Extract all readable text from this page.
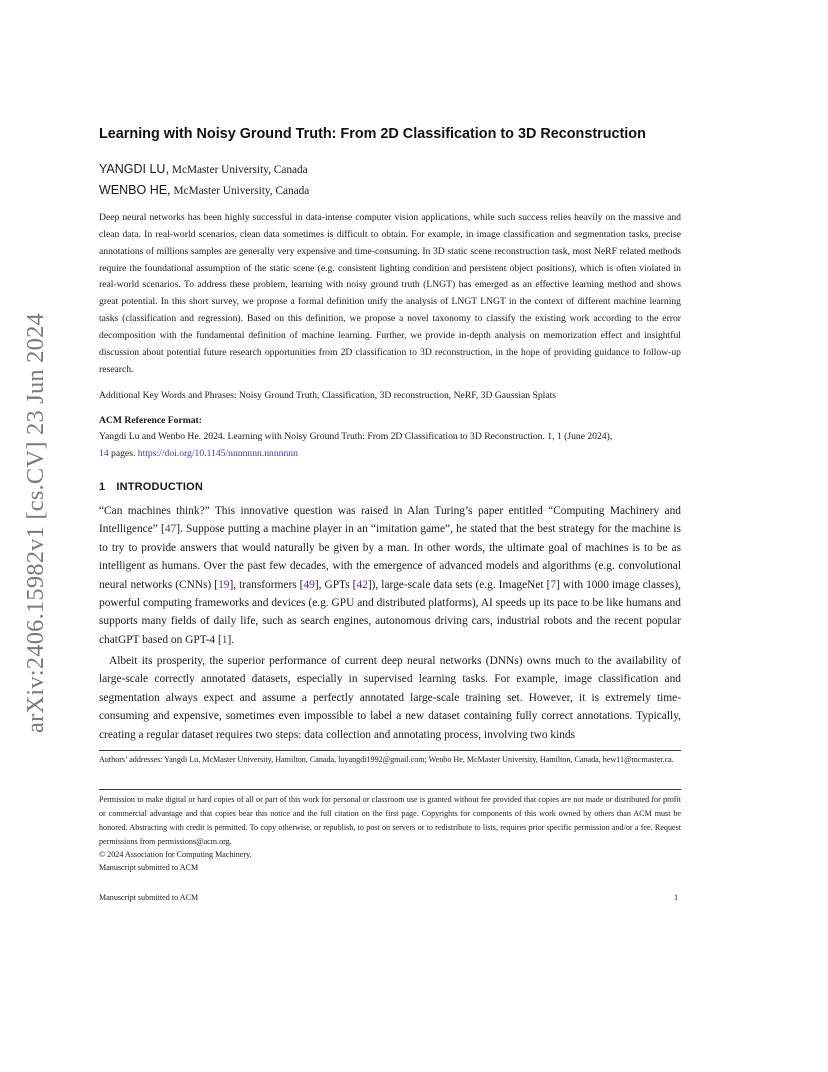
arXiv:2406.15982v1 [cs.CV] 23 Jun 2024
Learning with Noisy Ground Truth: From 2D Classification to 3D Reconstruction
YANGDI LU, McMaster University, Canada
WENBO HE, McMaster University, Canada

Deep neural networks has been highly successful in data-intense computer vision applications, while such success relies heavily on the massive and clean data. In real-world scenarios, clean data sometimes is difficult to obtain. For example, in image classification and segmentation tasks, precise annotations of millions samples are generally very expensive and time-consuming. In 3D static scene reconstruction task, most NeRF related methods require the foundational assumption of the static scene (e.g. consistent lighting condition and persistent object positions), which is often violated in real-world scenarios. To address these problem, learning with noisy ground truth (LNGT) has emerged as an effective learning method and shows great potential. In this short survey, we propose a formal definition unify the analysis of LNGT LNGT in the context of different machine learning tasks (classification and regression). Based on this definition, we propose a novel taxonomy to classify the existing work according to the error decomposition with the fundamental definition of machine learning. Further, we provide in-depth analysis on memorization effect and insightful discussion about potential future research opportunities from 2D classification to 3D reconstruction, in the hope of providing guidance to follow-up research.

Additional Key Words and Phrases: Noisy Ground Truth, Classification, 3D reconstruction, NeRF, 3D Gaussian Splats

ACM Reference Format:

Yangdi Lu and Wenbo He. 2024. Learning with Noisy Ground Truth: From 2D Classification to 3D Reconstruction. 1, 1 (June 2024),
14 pages. https://doi.org/10.1145/nnnnnnn.nnnnnnn

1 INTRODUCTION

“Can machines think?” This innovative question was raised in Alan Turing’s paper entitled “Computing Machinery and Intelligence” [47]. Suppose putting a machine player in an “imitation game”, he stated that the best strategy for the machine is to try to provide answers that would naturally be given by a man. In other words, the ultimate goal of machines is to be as intelligent as humans. Over the past few decades, with the emergence of advanced models and algorithms (e.g. convolutional neural networks (CNNs) [19], transformers [49], GPTs [42]), large-scale data sets (e.g. ImageNet [7] with 1000 image classes), powerful computing frameworks and devices (e.g. GPU and distributed platforms), AI speeds up its pace to be like humans and supports many fields of daily life, such as search engines, autonomous driving cars, industrial robots and the recent popular chatGPT based on GPT-4 [1].

Albeit its prosperity, the superior performance of current deep neural networks (DNNs) owns much to the availability of large-scale correctly annotated datasets, especially in supervised learning tasks. For example, image classification and segmentation always expect and assume a perfectly annotated large-scale training set. However, it is extremely time-consuming and expensive, sometimes even impossible to label a new dataset containing fully correct annotations. Typically, creating a regular dataset requires two steps: data collection and annotating process, involving two kinds

Authors’ addresses: Yangdi Lu, McMaster University, Hamilton, Canada, luyangdi1992@gmail.com; Wenbo He, McMaster University, Hamilton, Canada, hew11@mcmaster.ca.

Permission to make digital or hard copies of all or part of this work for personal or classroom use is granted without fee provided that copies are not made or distributed for profit or commercial advantage and that copies bear this notice and the full citation on the first page. Copyrights for components of this work owned by others than ACM must be honored. Abstracting with credit is permitted. To copy otherwise, or republish, to post on servers or to redistribute to lists, requires prior specific permission and/or a fee. Request permissions from permissions@acm.org.

© 2024 Association for Computing Machinery.
Manuscript submitted to ACM
Manuscript submitted to ACM	1
